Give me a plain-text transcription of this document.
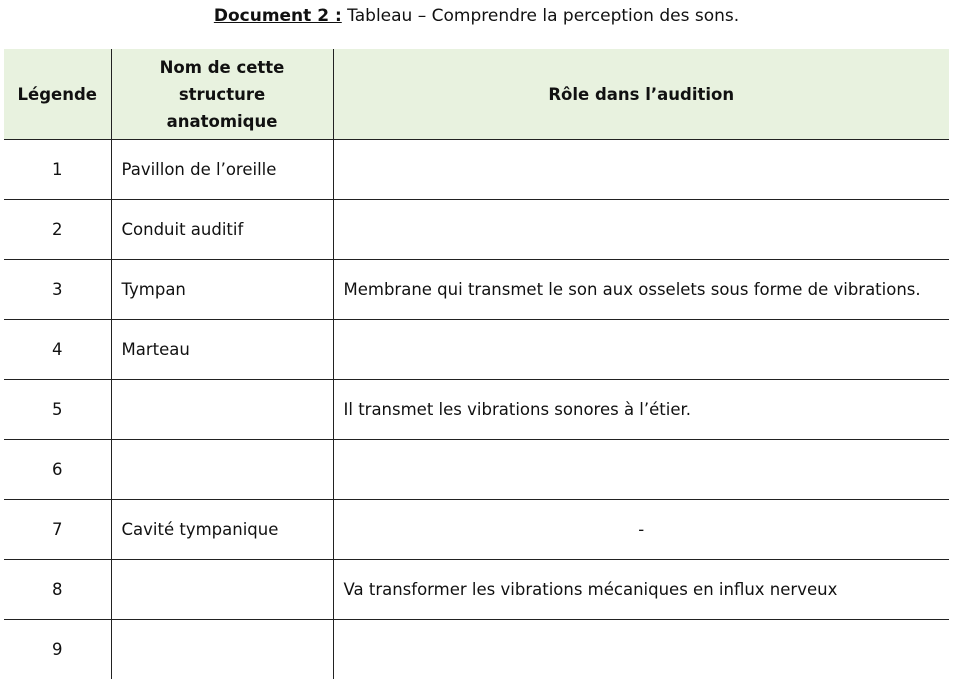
Document 2 : Tableau – Comprendre la perception des sons.
Légende	Nom de cette structure anatomique	Rôle dans l’audition
1	Pavillon de l’oreille	
2	Conduit auditif	
3	Tympan	Membrane qui transmet le son aux osselets sous forme de vibrations.
4	Marteau	
5		Il transmet les vibrations sonores à l’étier.
6		
7	Cavité tympanique	-
8		Va transformer les vibrations mécaniques en influx nerveux
9		
